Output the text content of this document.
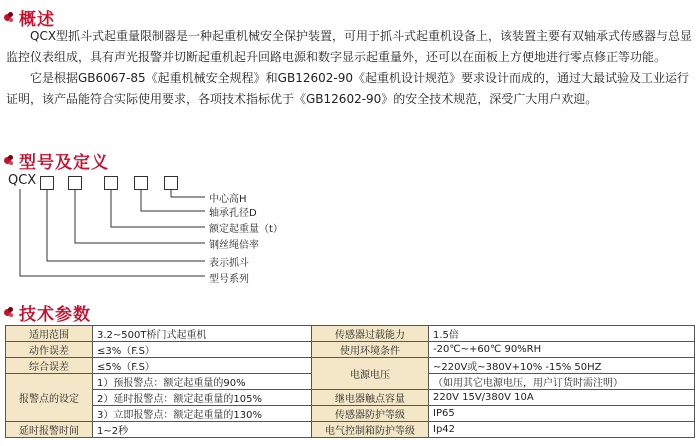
概述

QCX型抓斗式起重量限制器是一种起重机械安全保护装置，可用于抓斗式起重机设备上，该装置主要有双轴承式传感器与总显监控仪表组成，具有声光报警并切断起重机起升回路电源和数字显示起重量外，还可以在面板上方便地进行零点修正等功能。

它是根据GB6067-85《起重机械安全规程》和GB12602-90《起重机设计规范》要求设计而成的，通过大最试验及工业运行证明，该产品能符合实际使用要求，各项技术指标优于《GB12602-90》的安全技术规范，深受广大用户欢迎。

型号及定义
QCX
中心高H
轴承孔径D
额定起重量（t）
钢丝绳倍率
表示抓斗
型号系列
技术参数
适用范围	3.2~500T桥门式起重机	传感器过载能力	1.5倍
动作误差	≤3%（F.S）	使用环境条件	-20℃~+60℃ 90%RH
综合误差	≤5%（F.S）	电源电压	~220V或~380V+10% -15% 50HZ
报警点的设定	1）预报警点：额定起重量的90%		（如用其它电源电压，用户订货时需注明）
	2）延时报警点：额定起重量的105%	继电器触点容量	220V 15V/380V 10A
	3）立即报警点：额定起重量的130%	传感器防护等级	IP65
延时报警时间	1~2秒	电气控制箱防护等级	Ip42
